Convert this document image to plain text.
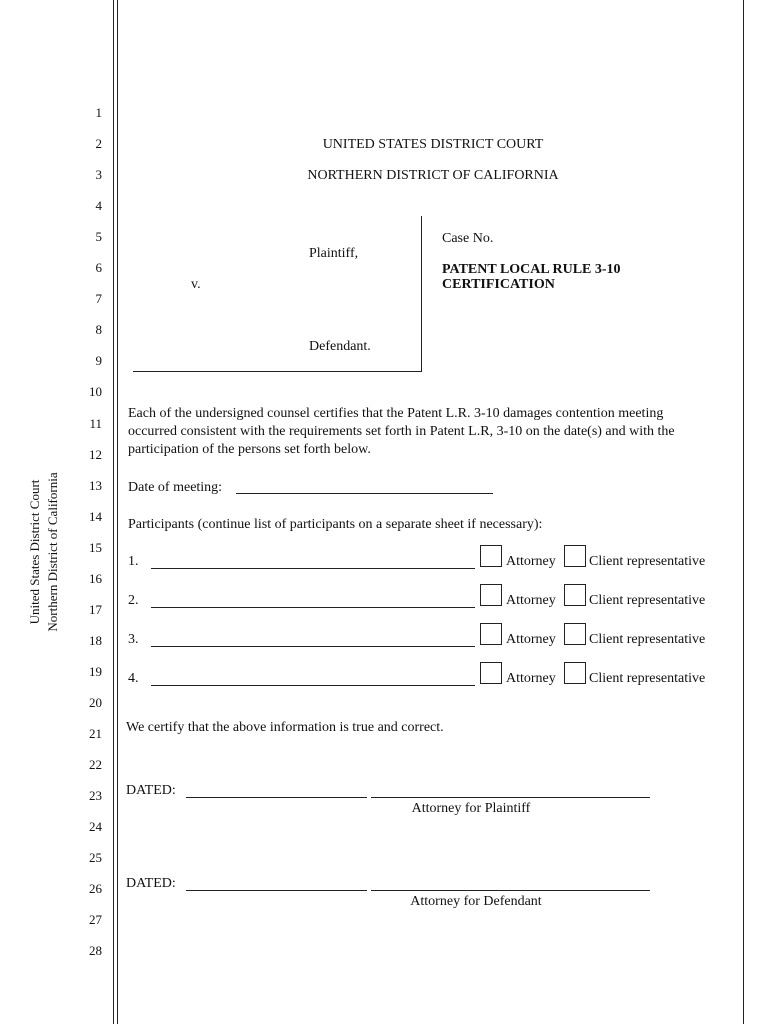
United States District Court Northern District of California
1
2
3
4
5
6
7
8
9
10
11
12
13
14
15
16
17
18
19
20
21
22
23
24
25
26
27
28
UNITED STATES DISTRICT COURT
NORTHERN DISTRICT OF CALIFORNIA
Plaintiff,
v.
Defendant.
Case No.
PATENT LOCAL RULE 3-10
CERTIFICATION
Each of the undersigned counsel certifies that the Patent L.R. 3-10 damages contention meeting
occurred consistent with the requirements set forth in Patent L.R, 3-10 on the date(s) and with the
participation of the persons set forth below.
Date of meeting:
Participants (continue list of participants on a separate sheet if necessary):
1.	Attorney Client representative
2.	Attorney Client representative
3.	Attorney Client representative
4.	Attorney Client representative
We certify that the above information is true and correct.
DATED:
Attorney for Plaintiff
DATED:
Attorney for Defendant
